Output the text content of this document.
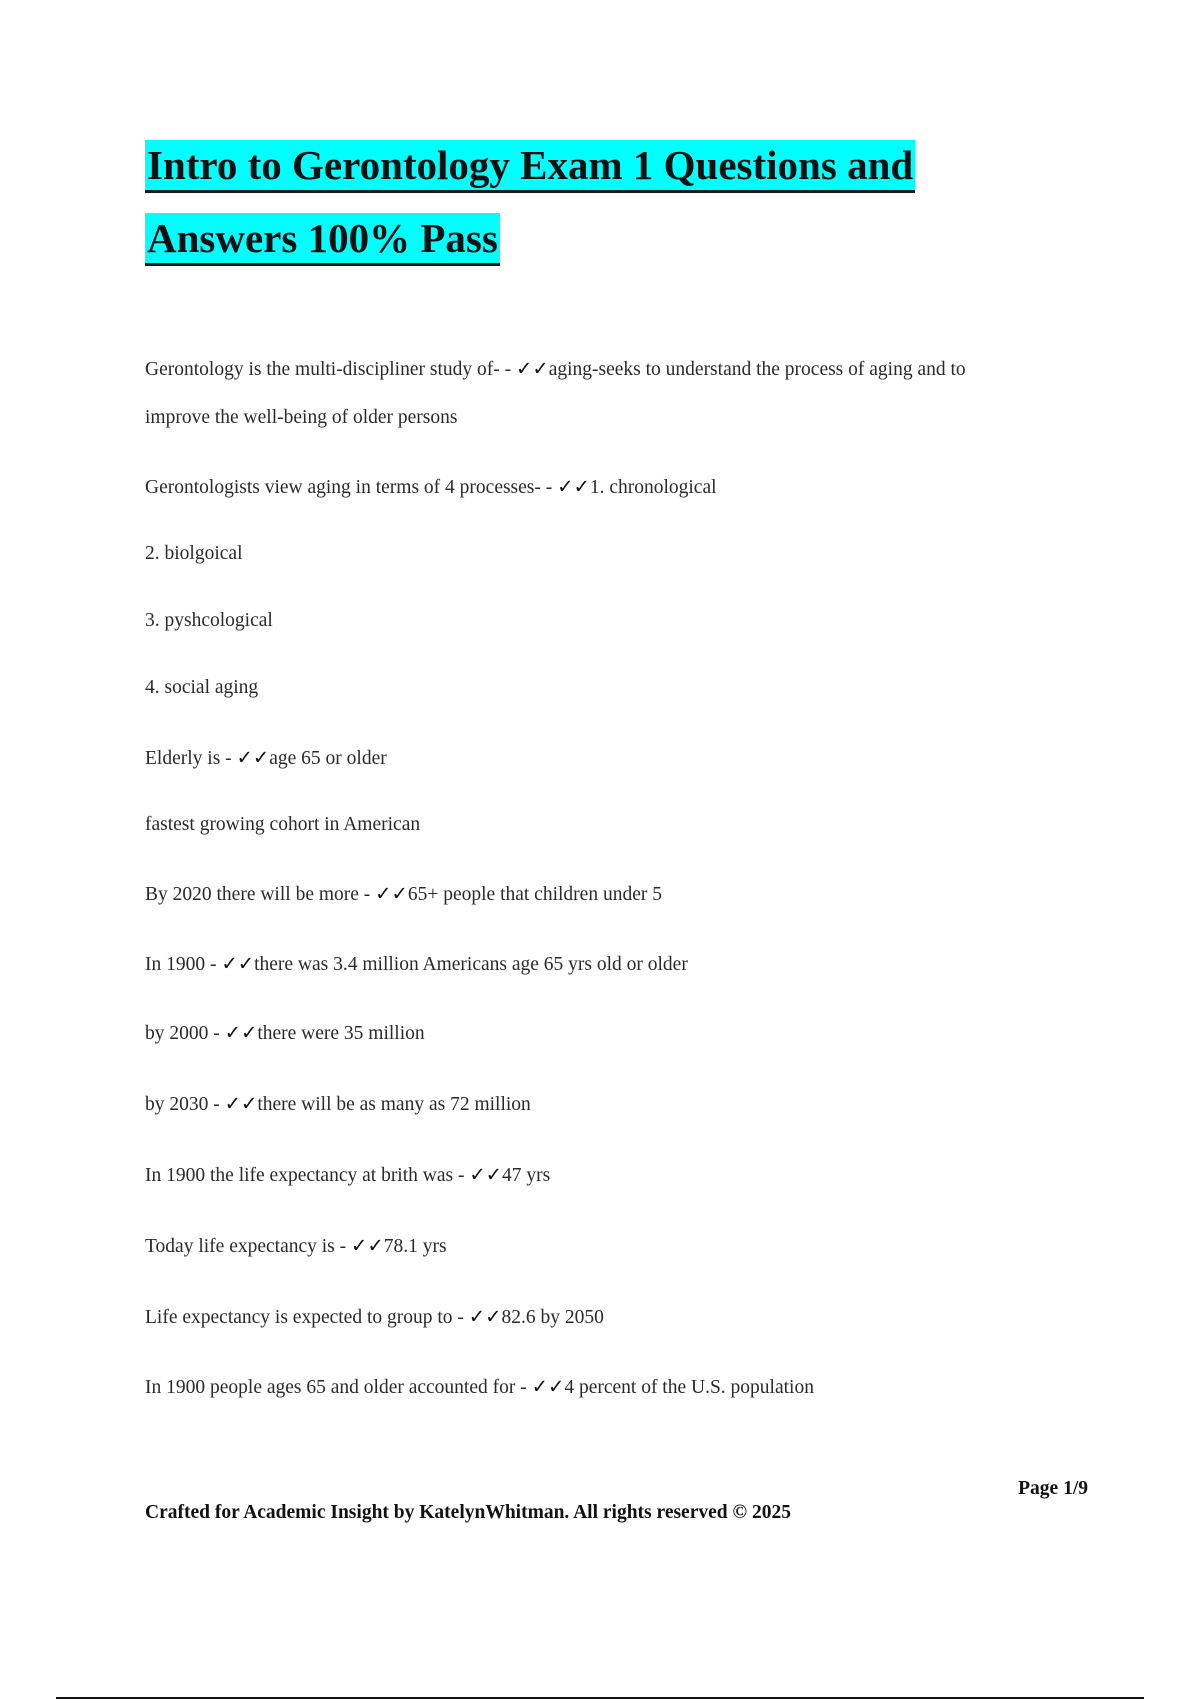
Intro to Gerontology Exam 1 Questions and
Answers 100% Pass
Gerontology is the multi-discipliner study of- - ✓✓aging-seeks to understand the process of aging and to
improve the well-being of older persons
Gerontologists view aging in terms of 4 processes- - ✓✓1. chronological
2. biolgoical
3. pyshcological
4. social aging
Elderly is - ✓✓age 65 or older
fastest growing cohort in American
By 2020 there will be more - ✓✓65+ people that children under 5
In 1900 - ✓✓there was 3.4 million Americans age 65 yrs old or older
by 2000 - ✓✓there were 35 million
by 2030 - ✓✓there will be as many as 72 million
In 1900 the life expectancy at brith was - ✓✓47 yrs
Today life expectancy is - ✓✓78.1 yrs
Life expectancy is expected to group to - ✓✓82.6 by 2050
In 1900 people ages 65 and older accounted for - ✓✓4 percent of the U.S. population
Page 1/9
Crafted for Academic Insight by KatelynWhitman. All rights reserved © 2025
